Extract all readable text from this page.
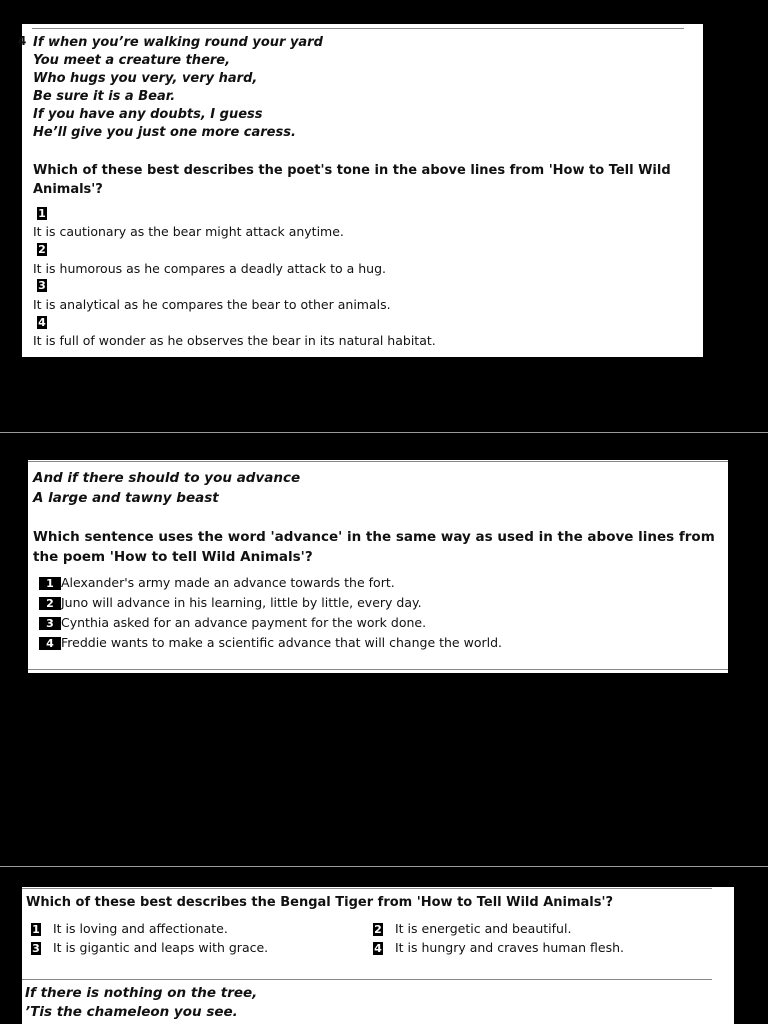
4 If when you’re walking round your yard
You meet a creature there,
Who hugs you very, very hard,
Be sure it is a Bear.
If you have any doubts, I guess
He’ll give you just one more caress.
Which of these best describes the poet's tone in the above lines from 'How to Tell Wild Animals'?
1
It is cautionary as the bear might attack anytime.
2
It is humorous as he compares a deadly attack to a hug.
3
It is analytical as he compares the bear to other animals.
4
It is full of wonder as he observes the bear in its natural habitat.
And if there should to you advance
A large and tawny beast
Which sentence uses the word 'advance' in the same way as used in the above lines from the poem 'How to tell Wild Animals'?
1 Alexander's army made an advance towards the fort.
2 Juno will advance in his learning, little by little, every day.
3 Cynthia asked for an advance payment for the work done.
4 Freddie wants to make a scientific advance that will change the world.
Which of these best describes the Bengal Tiger from 'How to Tell Wild Animals'?
1 It is loving and affectionate.	2 It is energetic and beautiful.
3 It is gigantic and leaps with grace.	4 It is hungry and craves human flesh.
If there is nothing on the tree,
’Tis the chameleon you see.
